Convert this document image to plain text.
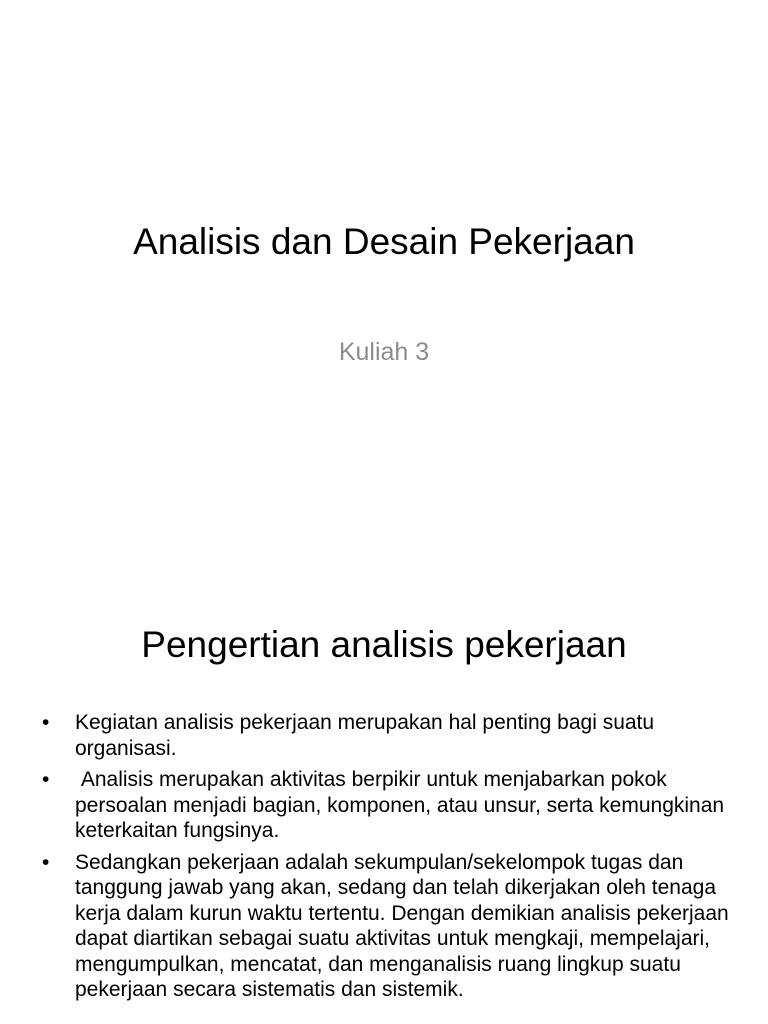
Analisis dan Desain Pekerjaan

Kuliah 3

Pengertian analisis pekerjaan
• Kegiatan analisis pekerjaan merupakan hal penting bagi suatu organisasi.
• Analisis merupakan aktivitas berpikir untuk menjabarkan pokok persoalan menjadi bagian, komponen, atau unsur, serta kemungkinan keterkaitan fungsinya.
• Sedangkan pekerjaan adalah sekumpulan/sekelompok tugas dan tanggung jawab yang akan, sedang dan telah dikerjakan oleh tenaga kerja dalam kurun waktu tertentu. Dengan demikian analisis pekerjaan dapat diartikan sebagai suatu aktivitas untuk mengkaji, mempelajari, mengumpulkan, mencatat, dan menganalisis ruang lingkup suatu pekerjaan secara sistematis dan sistemik.
